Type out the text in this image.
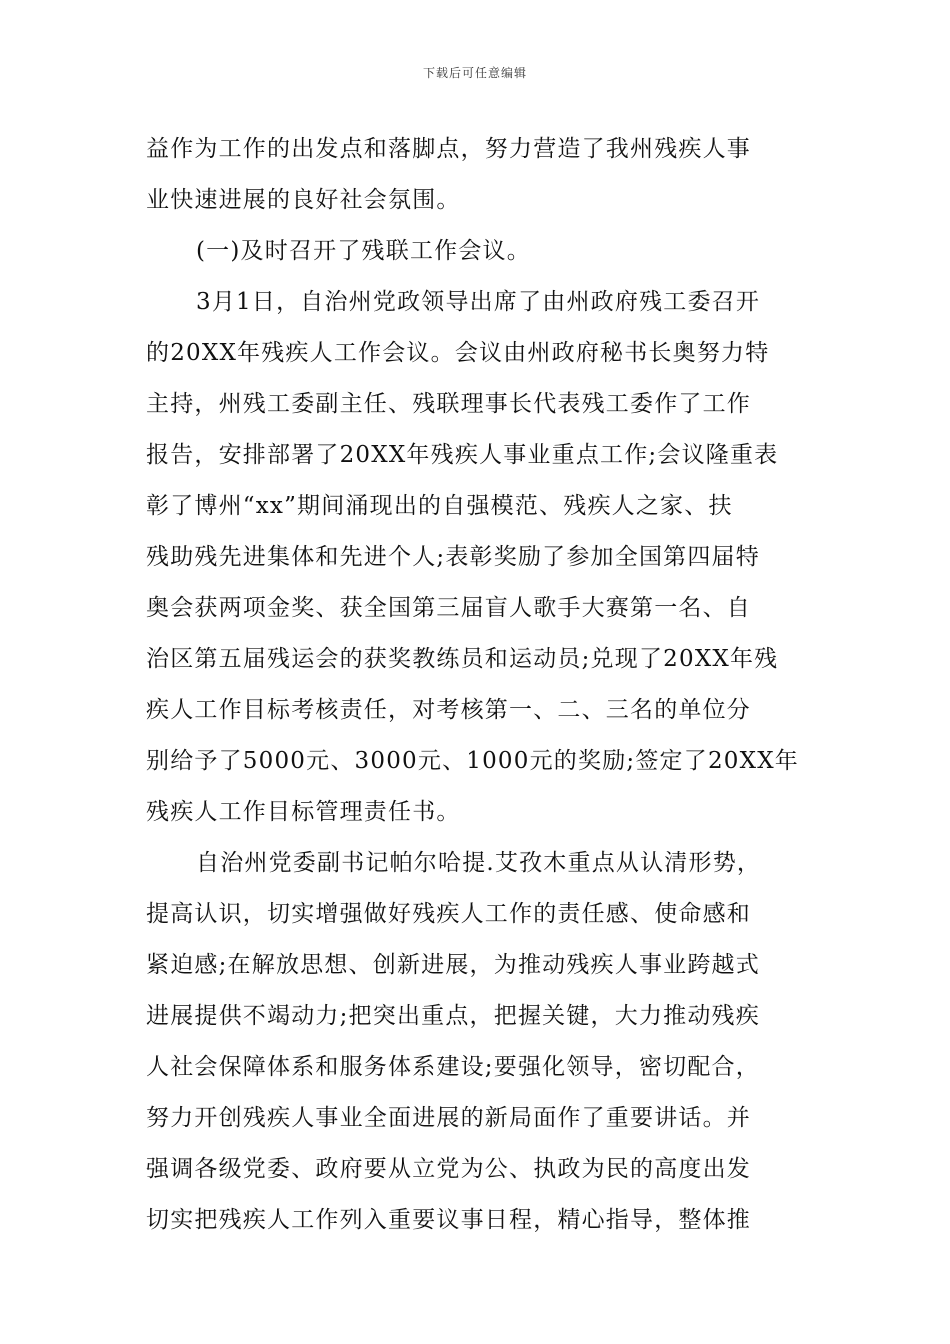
下载后可任意编辑
益作为工作的出发点和落脚点，努力营造了我州残疾人事
业快速进展的良好社会氛围。
(一)及时召开了残联工作会议。
3月1日，自治州党政领导出席了由州政府残工委召开
的20XX年残疾人工作会议。会议由州政府秘书长奥努力特
主持，州残工委副主任、残联理事长代表残工委作了工作
报告，安排部署了20XX年残疾人事业重点工作;会议隆重表
彰了博州“xx”期间涌现出的自强模范、残疾人之家、扶
残助残先进集体和先进个人;表彰奖励了参加全国第四届特
奥会获两项金奖、获全国第三届盲人歌手大赛第一名、自
治区第五届残运会的获奖教练员和运动员;兑现了20XX年残
疾人工作目标考核责任，对考核第一、二、三名的单位分
别给予了5000元、3000元、1000元的奖励;签定了20XX年
残疾人工作目标管理责任书。
自治州党委副书记帕尔哈提.艾孜木重点从认清形势，
提高认识，切实增强做好残疾人工作的责任感、使命感和
紧迫感;在解放思想、创新进展，为推动残疾人事业跨越式
进展提供不竭动力;把突出重点，把握关键，大力推动残疾
人社会保障体系和服务体系建设;要强化领导，密切配合，
努力开创残疾人事业全面进展的新局面作了重要讲话。并
强调各级党委、政府要从立党为公、执政为民的高度出发
切实把残疾人工作列入重要议事日程，精心指导，整体推
